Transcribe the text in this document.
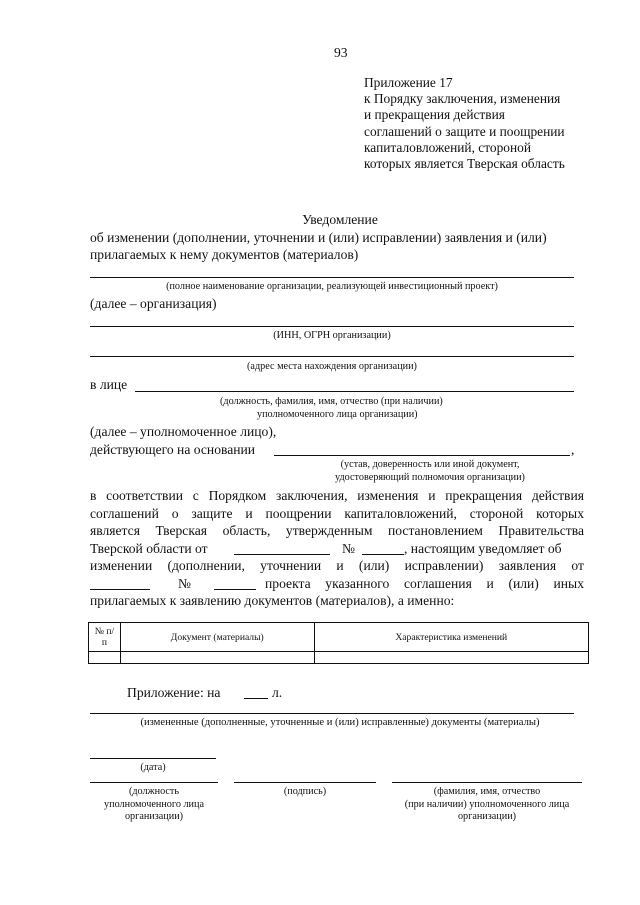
93
Приложение 17
к Порядку заключения, изменения
и прекращения действия
соглашений о защите и поощрении
капиталовложений, стороной
которых является Тверская область
Уведомление
об изменении (дополнении, уточнении и (или) исправлении) заявления и (или)
прилагаемых к нему документов (материалов)
(полное наименование организации, реализующей инвестиционный проект)
(далее – организация)
(ИНН, ОГРН организации)
(адрес места нахождения организации)
в лице
(должность, фамилия, имя, отчество (при наличии)
уполномоченного лица организации)
(далее – уполномоченное лицо),
действующего на основании	,
(устав, доверенность или иной документ,
удостоверяющий полномочия организации)
в соответствии с Порядком заключения, изменения и прекращения действия
соглашений о защите и поощрении капиталовложений, стороной которых
является Тверская область, утвержденным постановлением Правительства
Тверской области от	№	, настоящим уведомляет об
изменении (дополнении, уточнении и (или) исправлении) заявления от
№	проекта указанного соглашения и (или) иных
прилагаемых к заявлению документов (материалов), а именно:
№ п/п	Документ (материалы)	Характеристика изменений

Приложение: на	л.
(измененные (дополненные, уточненные и (или) исправленные) документы (материалы)
(дата)
(должность
уполномоченного лица
организации)
(подпись)	(фамилия, имя, отчество
(при наличии) уполномоченного лица
организации)
